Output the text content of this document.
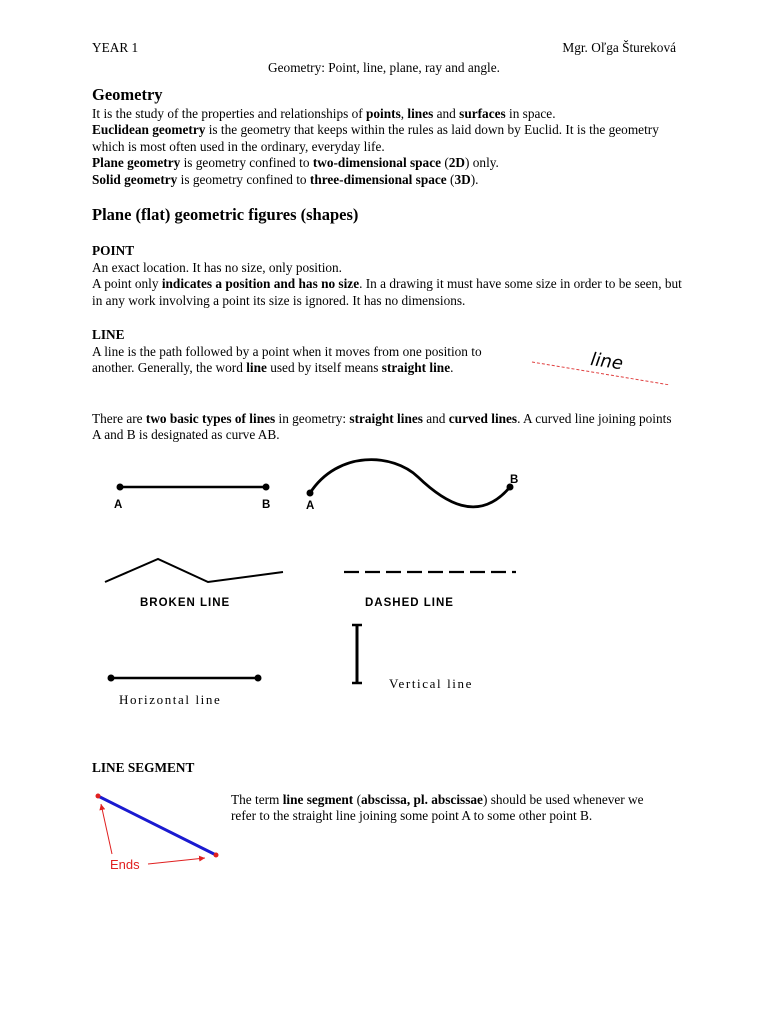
YEAR 1	Mgr. Oľga Štureková
Geometry: Point, line, plane, ray and angle.
Geometry
It is the study of the properties and relationships of points, lines and surfaces in space.
Euclidean geometry is the geometry that keeps within the rules as laid down by Euclid. It is the geometry which is most often used in the ordinary, everyday life.
Plane geometry is geometry confined to two-dimensional space (2D) only.
Solid geometry is geometry confined to three-dimensional space (3D).
Plane (flat) geometric figures (shapes)
POINT
An exact location. It has no size, only position.
A point only indicates a position and has no size. In a drawing it must have some size in order to be seen, but in any work involving a point its size is ignored. It has no dimensions.
LINE
A line is the path followed by a point when it moves from one position to another. Generally, the word line used by itself means straight line.	line
There are two basic types of lines in geometry: straight lines and curved lines. A curved line joining points A and B is designated as curve AB.
A	B	A
B
BROKEN LINE	DASHED LINE
Vertical line
Horizontal line
LINE SEGMENT
Ends
The term line segment (abscissa, pl. abscissae) should be used whenever we refer to the straight line joining some point A to some other point B.
